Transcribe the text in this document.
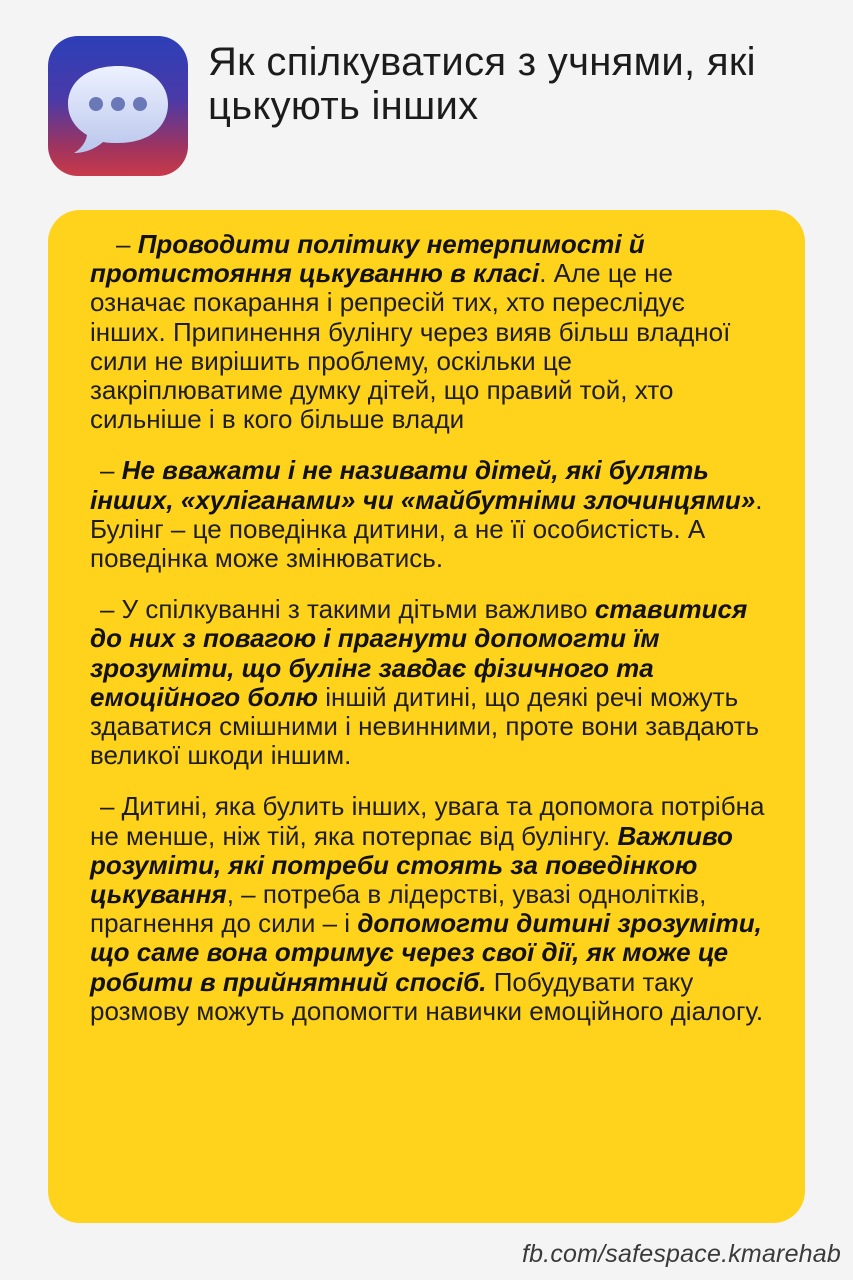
Як спілкуватися з учнями, які цькують інших

– Проводити політику нетерпимості й протистояння цькуванню в класі. Але це не означає покарання і репресій тих, хто переслідує інших. Припинення булінгу через вияв більш владної сили не вирішить проблему, оскільки це закріплюватиме думку дітей, що правий той, хто сильніше і в кого більше влади

– Не вважати і не називати дітей, які булять інших, «хуліганами» чи «майбутніми злочинцями». Булінг – це поведінка дитини, а не її особистість. А поведінка може змінюватись.

– У спілкуванні з такими дітьми важливо ставитися до них з повагою і прагнути допомогти їм зрозуміти, що булінг завдає фізичного та емоційного болю іншій дитині, що деякі речі можуть здаватися смішними і невинними, проте вони завдають великої шкоди іншим.

– Дитині, яка булить інших, увага та допомога потрібна не менше, ніж тій, яка потерпає від булінгу. Важливо розуміти, які потреби стоять за поведінкою цькування, – потреба в лідерстві, увазі однолітків, прагнення до сили – і допомогти дитині зрозуміти, що саме вона отримує через свої дії, як може це робити в прийнятний спосіб. Побудувати таку розмову можуть допомогти навички емоційного діалогу.

fb.com/safespace.kmarehab
